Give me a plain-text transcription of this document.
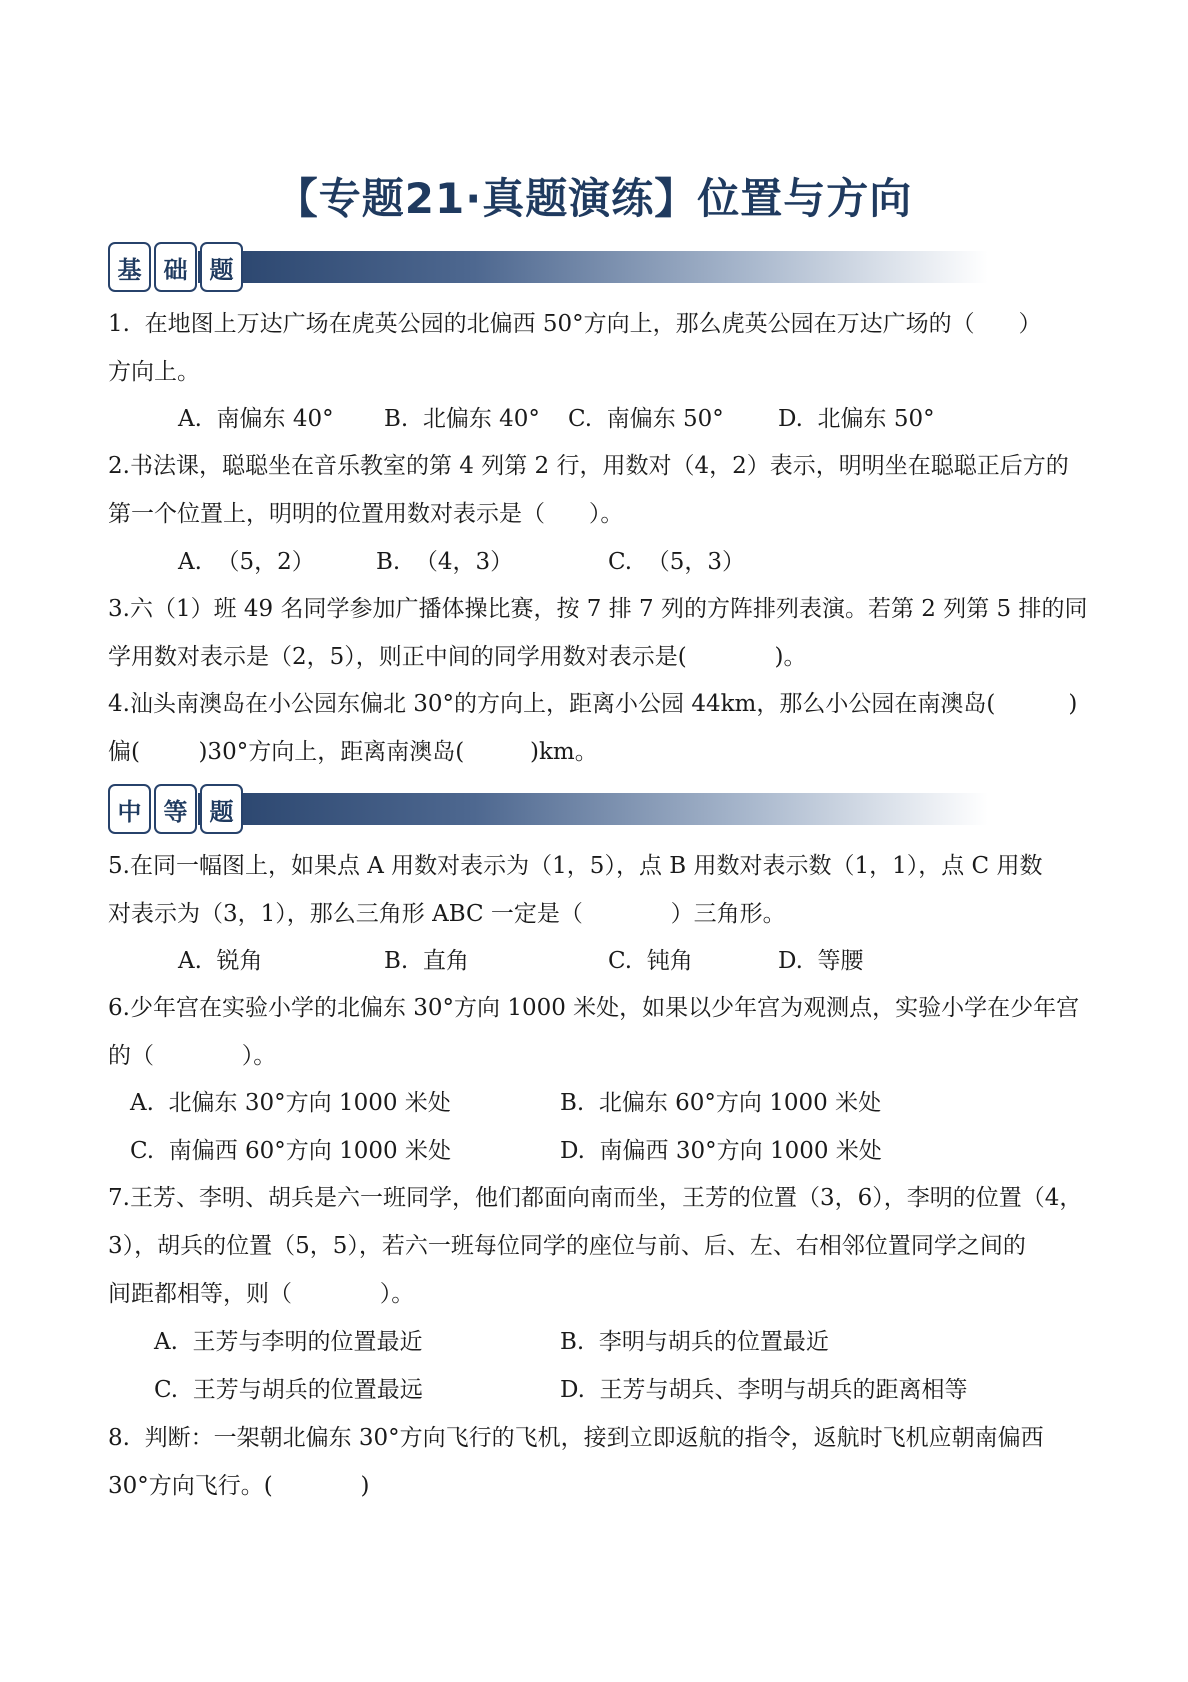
【专题21·真题演练】位置与方向
基 础 题

1.  在地图上万达广场在虎英公园的北偏西 50°方向上，那么虎英公园在万达广场的（      ）

方向上。

A.  南偏东 40° B.  北偏东 40° C.  南偏东 50° D.  北偏东 50°

2.书法课，聪聪坐在音乐教室的第 4 列第 2 行，用数对（4，2）表示，明明坐在聪聪正后方的

第一个位置上，明明的位置用数对表示是（      ）。

A.  （5，2）	B.  （4，3）	C.  （5，3）

3.六（1）班 49 名同学参加广播体操比赛，按 7 排 7 列的方阵排列表演。若第 2 列第 5 排的同

学用数对表示是（2，5），则正中间的同学用数对表示是(            )。

4.汕头南澳岛在小公园东偏北 30°的方向上，距离小公园 44km，那么小公园在南澳岛(          )

偏(        )30°方向上，距离南澳岛(         )km。

中 等 题

5.在同一幅图上，如果点 A 用数对表示为（1，5），点 B 用数对表示数（1，1），点 C 用数

对表示为（3，1），那么三角形 ABC 一定是（            ）三角形。

A.  锐角	B.  直角	C.  钝角	D.  等腰

6.少年宫在实验小学的北偏东 30°方向 1000 米处，如果以少年宫为观测点，实验小学在少年宫

的（            ）。

A.  北偏东 30°方向 1000 米处	B.  北偏东 60°方向 1000 米处
C.  南偏西 60°方向 1000 米处	D.  南偏西 30°方向 1000 米处

7.王芳、李明、胡兵是六一班同学，他们都面向南而坐，王芳的位置（3，6），李明的位置（4，

3），胡兵的位置（5，5），若六一班每位同学的座位与前、后、左、右相邻位置同学之间的

间距都相等，则（            ）。

A.  王芳与李明的位置最近	B.  李明与胡兵的位置最近
C.  王芳与胡兵的位置最远	D.  王芳与胡兵、李明与胡兵的距离相等

8.  判断：一架朝北偏东 30°方向飞行的飞机，接到立即返航的指令，返航时飞机应朝南偏西

30°方向飞行。(            )
